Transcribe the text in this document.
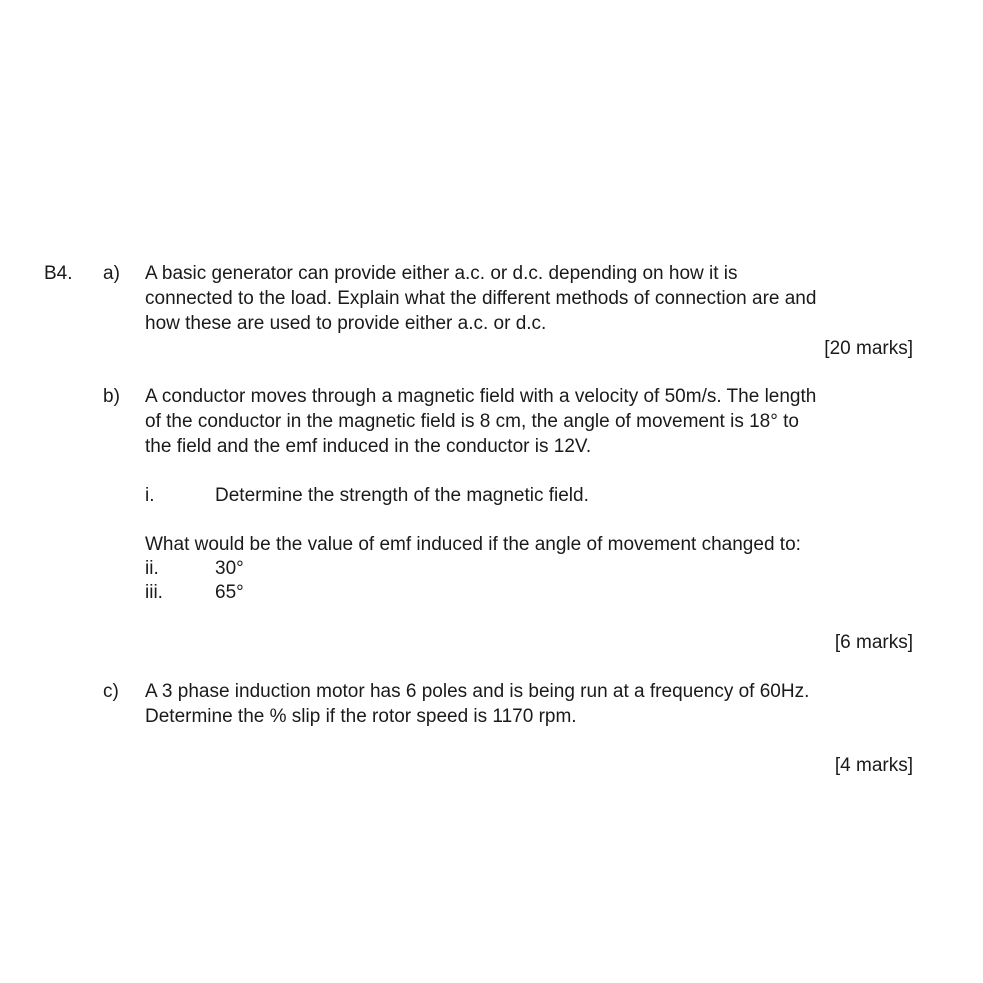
B4. a) A basic generator can provide either a.c. or d.c. depending on how it is
connected to the load. Explain what the different methods of connection are and
how these are used to provide either a.c. or d.c.
[20 marks]
b) A conductor moves through a magnetic field with a velocity of 50m/s. The length
of the conductor in the magnetic field is 8 cm, the angle of movement is 18° to
the field and the emf induced in the conductor is 12V.
i.	Determine the strength of the magnetic field.
What would be the value of emf induced if the angle of movement changed to:
ii.	30°
iii.	65°
[6 marks]
c) A 3 phase induction motor has 6 poles and is being run at a frequency of 60Hz.
Determine the % slip if the rotor speed is 1170 rpm.
[4 marks]
